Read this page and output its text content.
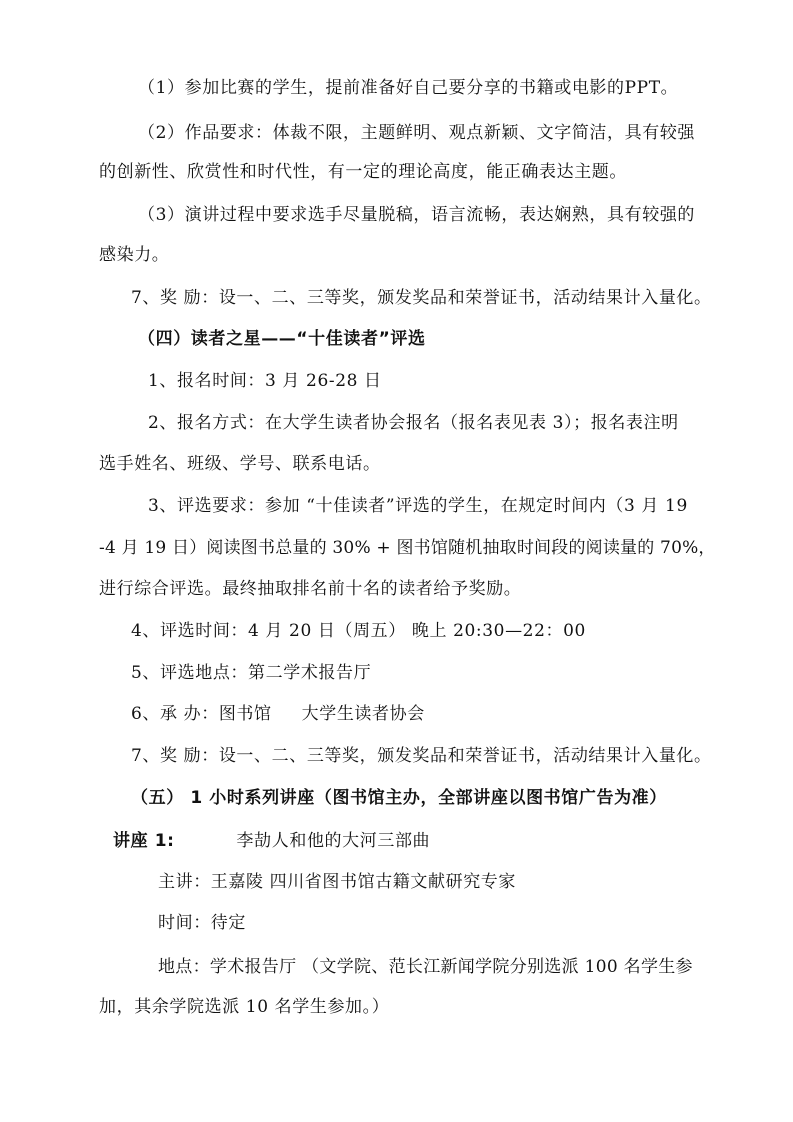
（1）参加比赛的学生，提前准备好自己要分享的书籍或电影的PPT。
（2）作品要求：体裁不限，主题鲜明、观点新颖、文字简洁，具有较强
的创新性、欣赏性和时代性，有一定的理论高度，能正确表达主题。
（3）演讲过程中要求选手尽量脱稿，语言流畅，表达娴熟，具有较强的
感染力。
7、奖 励：设一、二、三等奖，颁发奖品和荣誉证书，活动结果计入量化。
（四）读者之星——“十佳读者”评选
1、报名时间：3 月 26-28 日
2、报名方式：在大学生读者协会报名（报名表见表 3）；报名表注明
选手姓名、班级、学号、联系电话。
3、评选要求：参加 “十佳读者”评选的学生，在规定时间内（3 月 19
-4 月 19 日）阅读图书总量的 30% + 图书馆随机抽取时间段的阅读量的 70%，
进行综合评选。最终抽取排名前十名的读者给予奖励。
4、评选时间：4 月 20 日（周五） 晚上 20:30—22：00
5、评选地点：第二学术报告厅
6、承 办：图书馆 大学生读者协会
7、奖 励：设一、二、三等奖，颁发奖品和荣誉证书，活动结果计入量化。
（五） 1 小时系列讲座（图书馆主办，全部讲座以图书馆广告为准）
讲座 1:	李劼人和他的大河三部曲
主讲：王嘉陵 四川省图书馆古籍文献研究专家
时间：待定
地点：学术报告厅 （文学院、范长江新闻学院分别选派 100 名学生参
加，其余学院选派 10 名学生参加。）
